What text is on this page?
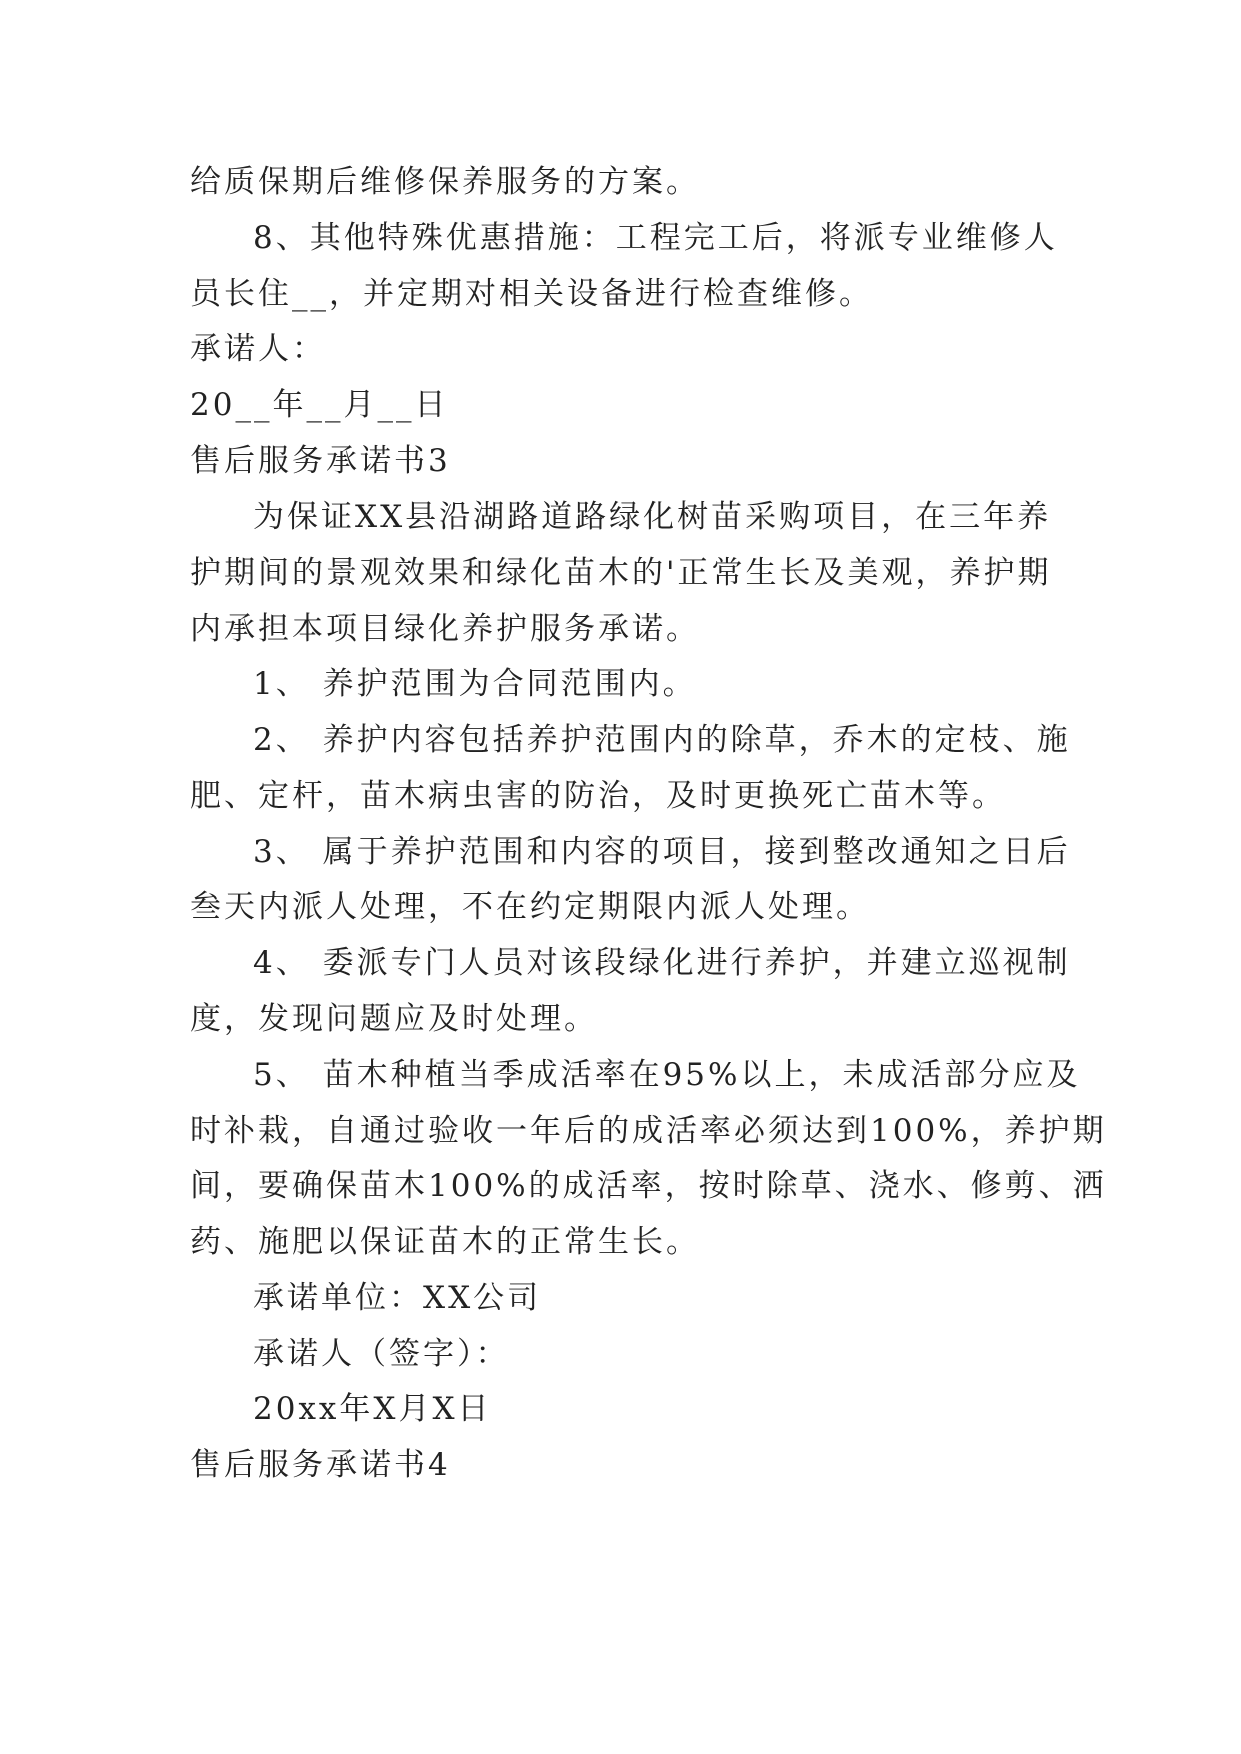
给质保期后维修保养服务的方案。
8、其他特殊优惠措施：工程完工后，将派专业维修人
员长住__，并定期对相关设备进行检查维修。
承诺人：
20__年__月__日
售后服务承诺书3
为保证XX县沿湖路道路绿化树苗采购项目，在三年养
护期间的景观效果和绿化苗木的'正常生长及美观，养护期
内承担本项目绿化养护服务承诺。
1、 养护范围为合同范围内。
2、 养护内容包括养护范围内的除草，乔木的定枝、施
肥、定杆，苗木病虫害的防治，及时更换死亡苗木等。
3、 属于养护范围和内容的项目，接到整改通知之日后
叁天内派人处理，不在约定期限内派人处理。
4、 委派专门人员对该段绿化进行养护，并建立巡视制
度，发现问题应及时处理。
5、 苗木种植当季成活率在95%以上，未成活部分应及
时补栽，自通过验收一年后的成活率必须达到100%，养护期
间，要确保苗木100%的成活率，按时除草、浇水、修剪、洒
药、施肥以保证苗木的正常生长。
承诺单位：XX公司
承诺人（签字）：
20xx年X月X日
售后服务承诺书4
